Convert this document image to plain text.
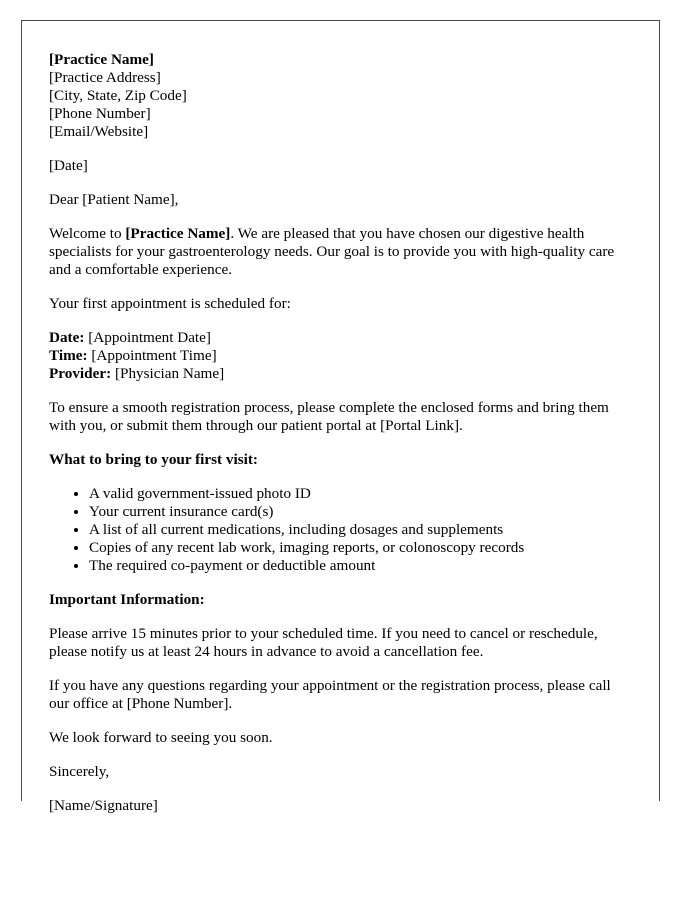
[Practice Name]
[Practice Address]
[City, State, Zip Code]
[Phone Number]
[Email/Website]
[Date]

Dear [Patient Name],

Welcome to [Practice Name]. We are pleased that you have chosen our digestive health specialists for your gastroenterology needs. Our goal is to provide you with high-quality care and a comfortable experience.

Your first appointment is scheduled for:

Date: [Appointment Date]
Time: [Appointment Time]
Provider: [Physician Name]

To ensure a smooth registration process, please complete the enclosed forms and bring them with you, or submit them through our patient portal at [Portal Link].

What to bring to your first visit:
• A valid government-issued photo ID
• Your current insurance card(s)
• A list of all current medications, including dosages and supplements
• Copies of any recent lab work, imaging reports, or colonoscopy records
• The required co-payment or deductible amount
Important Information:

Please arrive 15 minutes prior to your scheduled time. If you need to cancel or reschedule, please notify us at least 24 hours in advance to avoid a cancellation fee.

If you have any questions regarding your appointment or the registration process, please call our office at [Phone Number].

We look forward to seeing you soon.

Sincerely,

[Name/Signature]
